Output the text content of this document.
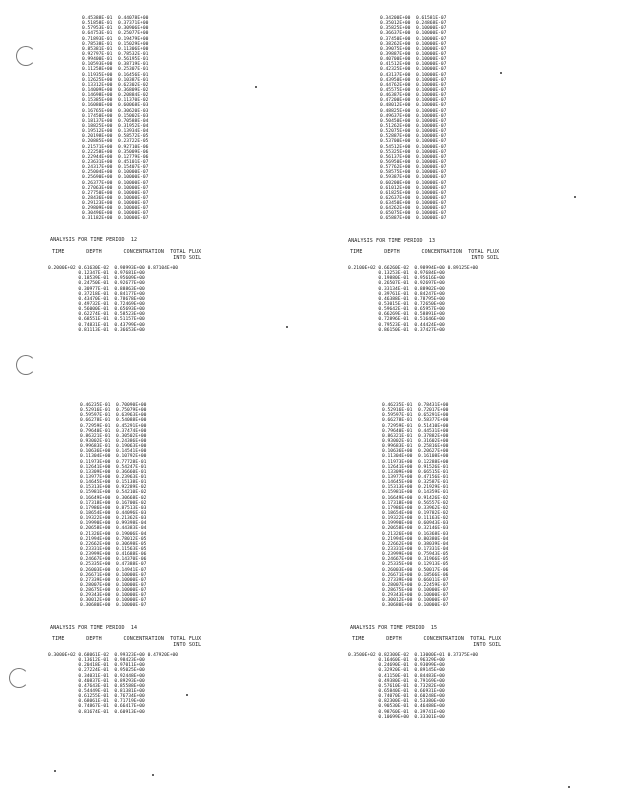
0.45388E-01  0.44078E+00
0.51858E-01  0.37371E+00
0.57953E-01  0.30906E+00
0.64753E-01  0.25077E+00
0.71893E-01  0.19479E+00
0.78538E-01  0.15029E+00
0.85381E-01  0.11306E+00
0.92797E-01  0.78532E-01
0.99400E-01  0.56195E-01
0.10593E+00  0.38719E-01
0.11258E+00  0.25307E-01
0.11935E+00  0.16456E-01
0.12625E+00  0.10387E-01
0.13312E+00  0.62302E-02
0.14009E+00  0.36809E-02
0.14698E+00  0.20884E-02
0.15385E+00  0.11370E-02
0.16080E+00  0.60068E-03
0.16765E+00  0.30620E-03
0.17450E+00  0.15002E-03
0.18137E+00  0.70588E-04
0.18825E+00  0.31952E-04
0.19512E+00  0.13934E-04
0.20198E+00  0.58572E-05
0.20885E+00  0.23722E-05
0.21571E+00  0.92710E-06
0.22258E+00  0.35009E-06
0.22944E+00  0.12779E-06
0.23631E+00  0.45101E-07
0.24317E+00  0.15407E-07
0.25004E+00  0.10000E-07
0.25690E+00  0.10000E-07
0.26377E+00  0.10000E-07
0.27063E+00  0.10000E-07
0.27750E+00  0.10000E-07
0.28436E+00  0.10000E-07
0.29123E+00  0.10000E-07
0.29809E+00  0.10000E-07
0.30496E+00  0.10000E-07
0.31182E+00  0.10000E-07
ANALYSIS FOR TIME PERIOD  12
TIME       DEPTH       CONCENTRATION  TOTAL FLUX
INTO SOIL
0.2000E+02 0.61630E-02  0.98993E+00 0.87104E+00
0.12347E-01  0.97681E+00
0.18539E-01  0.95609E+00
0.24750E-01  0.92677E+00
0.30977E-01  0.88863E+00
0.37218E-01  0.84177E+00
0.43470E-01  0.78678E+00
0.49732E-01  0.72469E+00
0.56000E-01  0.65693E+00
0.62274E-01  0.58523E+00
0.68551E-01  0.51157E+00
0.74831E-01  0.43799E+00
0.81113E-01  0.36653E+00
0.34200E+00  0.61581E-07
0.35012E+00  0.24868E-07
0.35825E+00  0.10000E-07
0.36637E+00  0.10000E-07
0.37450E+00  0.10000E-07
0.38262E+00  0.10000E-07
0.39075E+00  0.10000E-07
0.39887E+00  0.10000E-07
0.40700E+00  0.10000E-07
0.41512E+00  0.10000E-07
0.42325E+00  0.10000E-07
0.43137E+00  0.10000E-07
0.43950E+00  0.10000E-07
0.44762E+00  0.10000E-07
0.45575E+00  0.10000E-07
0.46387E+00  0.10000E-07
0.47200E+00  0.10000E-07
0.48012E+00  0.10000E-07
0.48825E+00  0.10000E-07
0.49637E+00  0.10000E-07
0.50450E+00  0.10000E-07
0.51262E+00  0.10000E-07
0.52075E+00  0.10000E-07
0.52887E+00  0.10000E-07
0.53700E+00  0.10000E-07
0.54512E+00  0.10000E-07
0.55325E+00  0.10000E-07
0.56137E+00  0.10000E-07
0.56950E+00  0.10000E-07
0.57762E+00  0.10000E-07
0.58575E+00  0.10000E-07
0.59387E+00  0.10000E-07
0.60200E+00  0.10000E-07
0.61012E+00  0.10000E-07
0.61825E+00  0.10000E-07
0.62637E+00  0.10000E-07
0.63450E+00  0.10000E-07
0.64262E+00  0.10000E-07
0.65075E+00  0.10000E-07
0.65887E+00  0.10000E-07
ANALYSIS FOR TIME PERIOD  13
TIME       DEPTH       CONCENTRATION  TOTAL FLUX
INTO SOIL
0.2100E+02 0.66260E-02  0.98994E+00 0.89125E+00
0.13253E-01  0.97684E+00
0.19880E-01  0.95616E+00
0.26507E-01  0.92697E+00
0.33134E-01  0.88902E+00
0.39761E-01  0.84247E+00
0.46388E-01  0.78795E+00
0.53015E-01  0.72650E+00
0.59642E-01  0.65957E+00
0.66269E-01  0.58891E+00
0.72896E-01  0.51646E+00
0.79523E-01  0.44424E+00
0.86150E-01  0.37427E+00
0.46235E-01  0.70090E+00
0.52916E-01  0.75079E+00
0.59597E-01  0.63963E+00
0.66278E-01  0.54088E+00
0.72959E-01  0.45291E+00
0.79640E-01  0.37474E+00
0.86321E-01  0.30502E+00
0.93002E-01  0.24386E+00
0.99683E-01  0.19063E+00
0.10636E+00  0.14541E+00
0.11304E+00  0.10792E+00
0.11973E+00  0.77728E-01
0.12641E+00  0.54247E-01
0.13309E+00  0.36660E-01
0.13977E+00  0.23963E-01
0.14645E+00  0.15138E-01
0.15313E+00  0.92289E-02
0.15981E+00  0.54210E-02
0.16649E+00  0.30668E-02
0.17318E+00  0.16700E-02
0.17986E+00  0.87513E-03
0.18654E+00  0.44096E-03
0.19322E+00  0.21362E-03
0.19990E+00  0.99398E-04
0.20658E+00  0.44383E-04
0.21326E+00  0.19006E-04
0.21994E+00  0.78012E-05
0.22662E+00  0.30698E-05
0.23331E+00  0.11563E-05
0.23999E+00  0.41688E-06
0.24667E+00  0.14370E-06
0.25335E+00  0.47388E-07
0.26003E+00  0.14941E-07
0.26671E+00  0.10000E-07
0.27339E+00  0.10000E-07
0.28007E+00  0.10000E-07
0.28675E+00  0.10000E-07
0.29343E+00  0.10000E-07
0.30012E+00  0.10000E-07
0.30680E+00  0.10000E-07
ANALYSIS FOR TIME PERIOD  14
TIME       DEPTH       CONCENTRATION  TOTAL FLUX
INTO SOIL
0.3000E+02 0.68061E-02  0.99323E+00 0.47920E+00
0.13612E-01  0.98423E+00
0.20418E-01  0.97011E+00
0.27224E-01  0.95025E+00
0.34031E-01  0.92448E+00
0.40837E-01  0.89293E+00
0.47643E-01  0.85588E+00
0.54449E-01  0.81381E+00
0.61255E-01  0.76734E+00
0.68061E-01  0.71719E+00
0.74867E-01  0.66417E+00
0.81674E-01  0.60913E+00
0.46235E-01  0.78431E+00
0.52916E-01  0.72017E+00
0.59597E-01  0.65291E+00
0.66278E-01  0.58377E+00
0.72959E-01  0.51410E+00
0.79640E-01  0.44531E+00
0.86321E-01  0.37882E+00
0.93002E-01  0.31602E+00
0.99683E-01  0.25816E+00
0.10636E+00  0.20627E+00
0.11304E+00  0.16108E+00
0.11973E+00  0.12288E+00
0.12641E+00  0.91526E-01
0.13309E+00  0.66515E-01
0.13977E+00  0.47156E-01
0.14645E+00  0.32587E-01
0.15313E+00  0.21929E-01
0.15981E+00  0.14359E-01
0.16649E+00  0.91426E-02
0.17318E+00  0.56557E-02
0.17986E+00  0.33962E-02
0.18654E+00  0.19782E-02
0.19322E+00  0.11163E-02
0.19990E+00  0.60943E-03
0.20658E+00  0.32146E-03
0.21326E+00  0.16368E-03
0.21994E+00  0.80380E-04
0.22662E+00  0.38039E-04
0.23331E+00  0.17331E-04
0.23999E+00  0.75943E-05
0.24667E+00  0.31966E-05
0.25335E+00  0.12913E-05
0.26003E+00  0.50017E-06
0.26671E+00  0.18566E-06
0.27339E+00  0.66011E-07
0.28007E+00  0.22459E-07
0.28675E+00  0.10000E-07
0.29343E+00  0.10000E-07
0.30012E+00  0.10000E-07
0.30680E+00  0.10000E-07
ANALYSIS FOR TIME PERIOD  15
TIME       DEPTH       CONCENTRATION  TOTAL FLUX
INTO SOIL
0.3500E+02 0.82300E-02  0.13000E+01 0.37375E+00
0.16460E-01  0.96329E+00
0.24690E-01  0.93099E+00
0.32920E-01  0.89145E+00
0.41150E-01  0.84483E+00
0.49380E-01  0.79169E+00
0.57610E-01  0.73282E+00
0.65840E-01  0.66931E+00
0.74070E-01  0.60248E+00
0.82300E-01  0.53380E+00
0.90530E-01  0.46488E+00
0.98760E-01  0.39741E+00
0.10699E+00  0.33301E+00
